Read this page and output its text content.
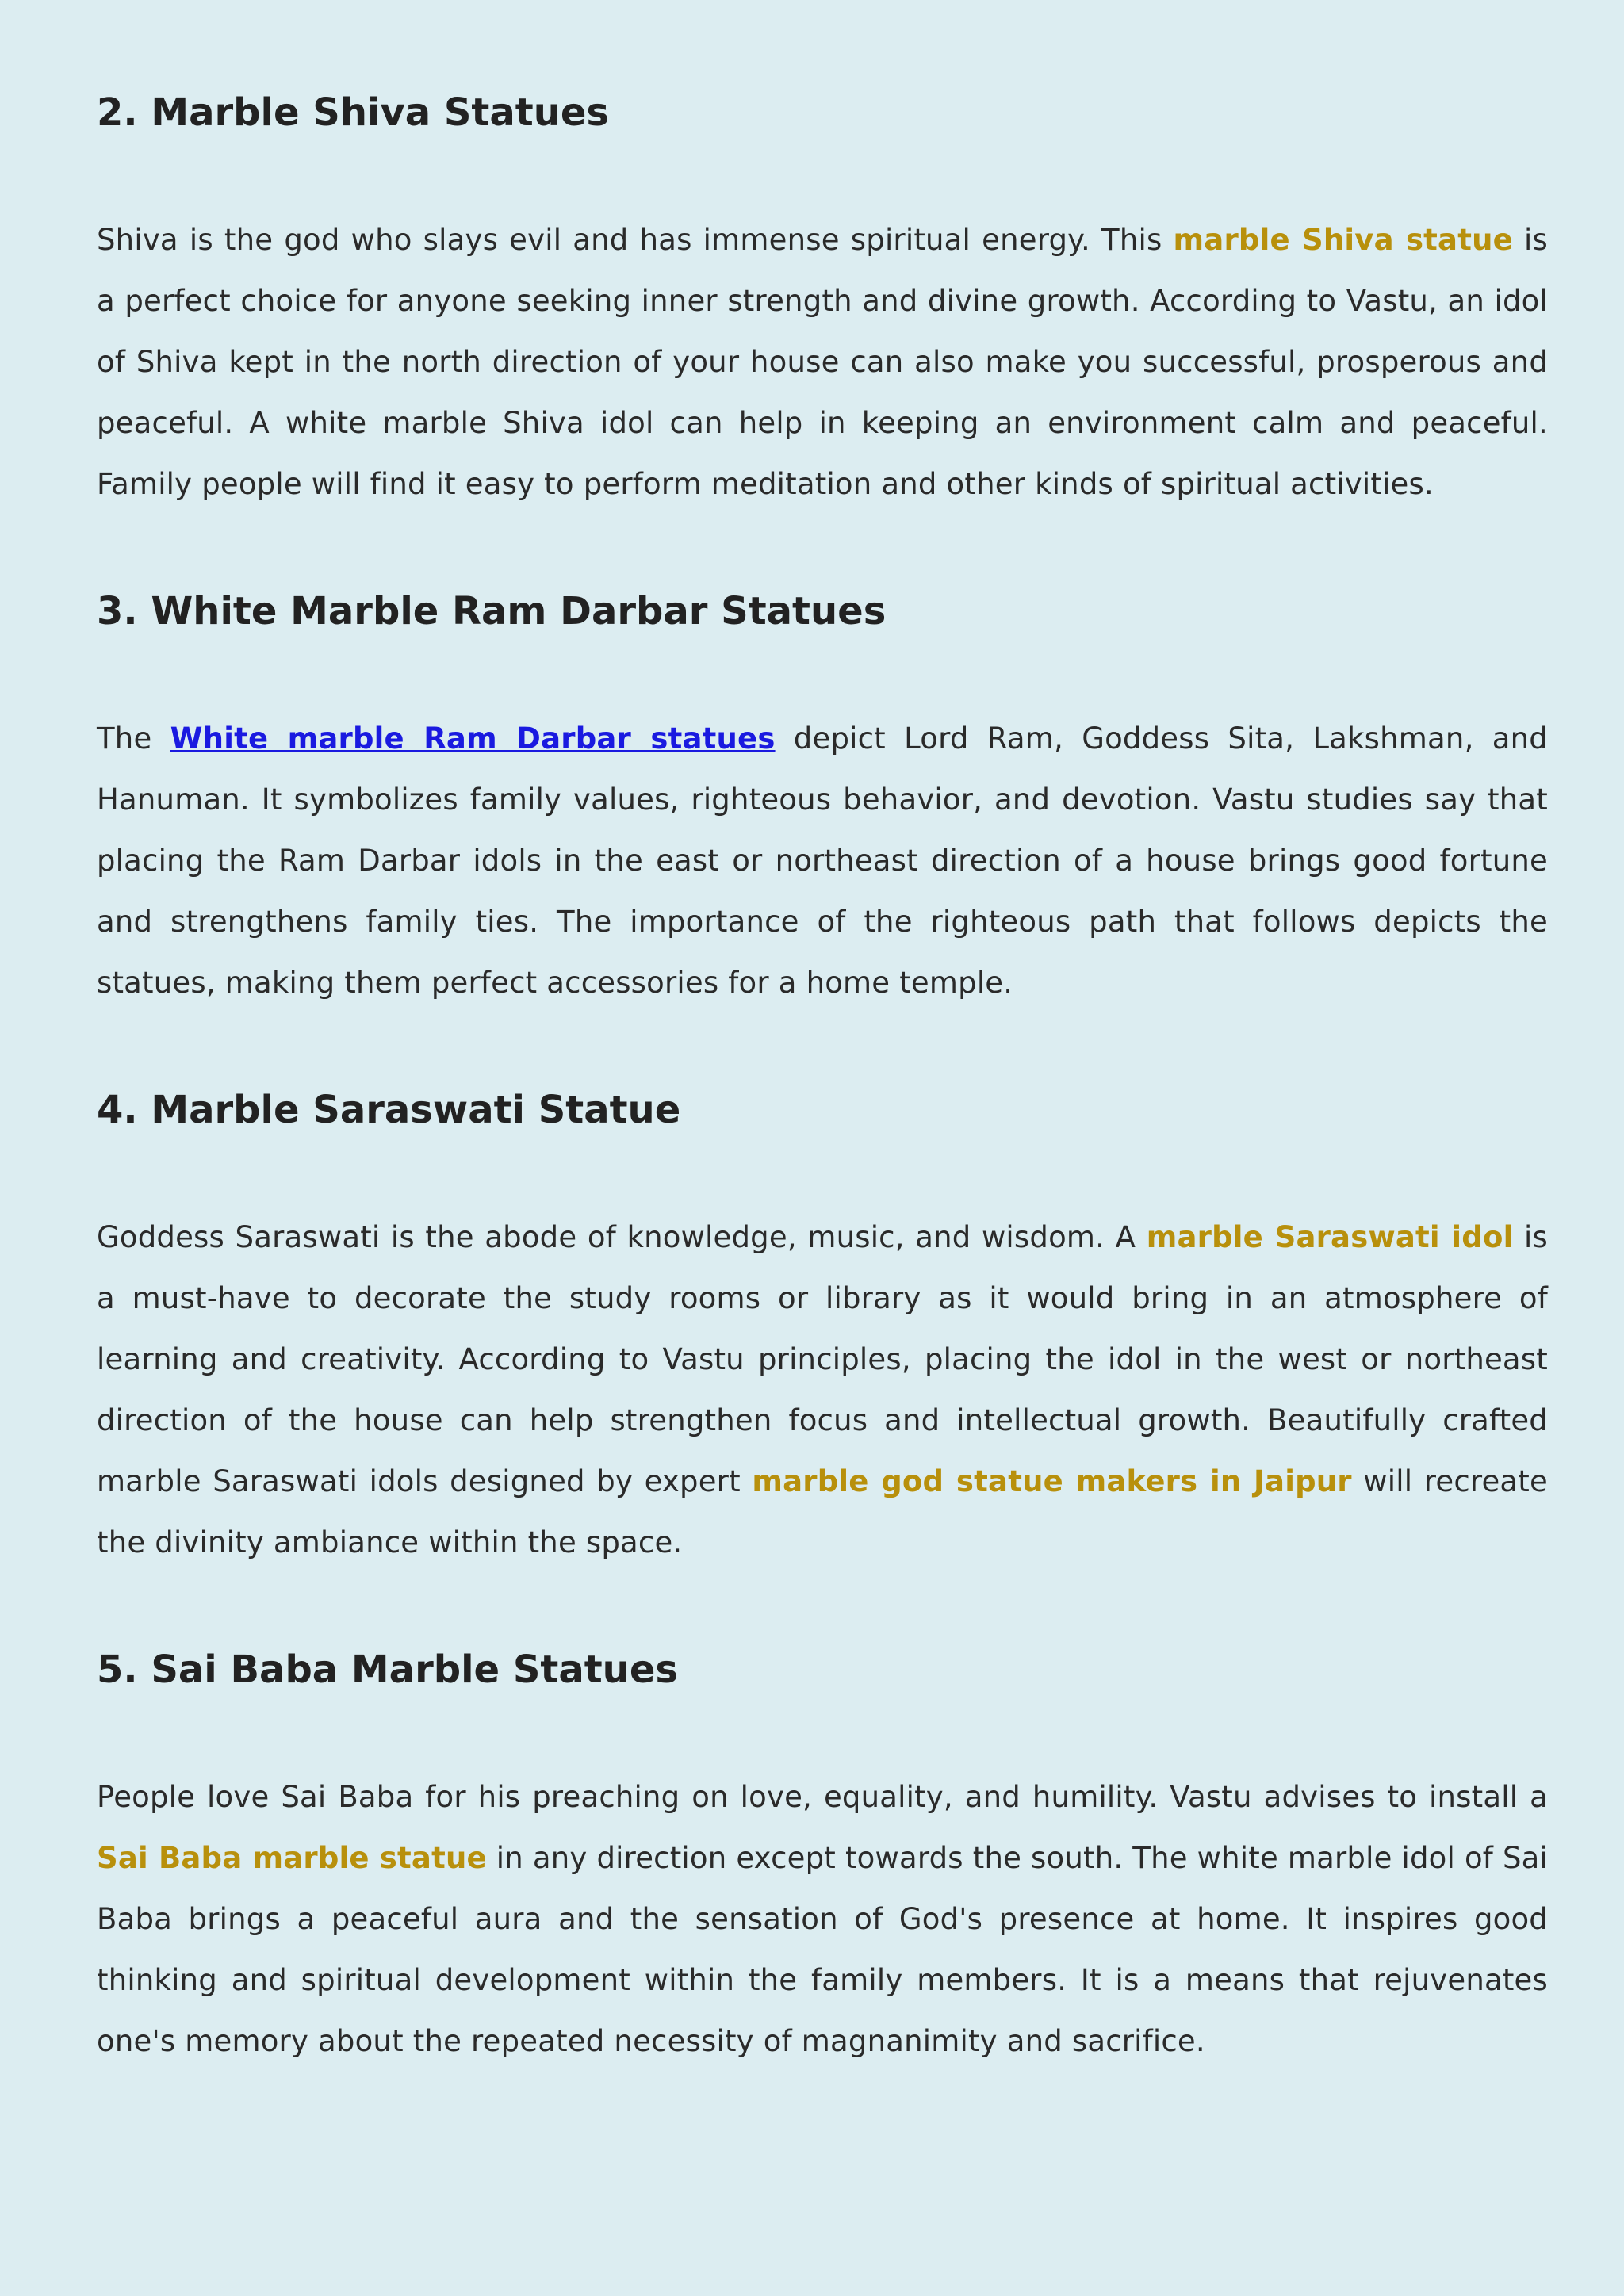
2. Marble Shiva Statues

Shiva is the god who slays evil and has immense spiritual energy. This marble Shiva statue is a perfect choice for anyone seeking inner strength and divine growth. According to Vastu, an idol of Shiva kept in the north direction of your house can also make you successful, prosperous and peaceful. A white marble Shiva idol can help in keeping an environment calm and peaceful. Family people will find it easy to perform meditation and other kinds of spiritual activities.

3. White Marble Ram Darbar Statues

The White marble Ram Darbar statues depict Lord Ram, Goddess Sita, Lakshman, and Hanuman. It symbolizes family values, righteous behavior, and devotion. Vastu studies say that placing the Ram Darbar idols in the east or northeast direction of a house brings good fortune and strengthens family ties. The importance of the righteous path that follows depicts the statues, making them perfect accessories for a home temple.

4. Marble Saraswati Statue

Goddess Saraswati is the abode of knowledge, music, and wisdom. A marble Saraswati idol is a must-have to decorate the study rooms or library as it would bring in an atmosphere of learning and creativity. According to Vastu principles, placing the idol in the west or northeast direction of the house can help strengthen focus and intellectual growth. Beautifully crafted marble Saraswati idols designed by expert marble god statue makers in Jaipur will recreate the divinity ambiance within the space.

5. Sai Baba Marble Statues

People love Sai Baba for his preaching on love, equality, and humility. Vastu advises to install a Sai Baba marble statue in any direction except towards the south. The white marble idol of Sai Baba brings a peaceful aura and the sensation of God's presence at home. It inspires good thinking and spiritual development within the family members. It is a means that rejuvenates one's memory about the repeated necessity of magnanimity and sacrifice.
